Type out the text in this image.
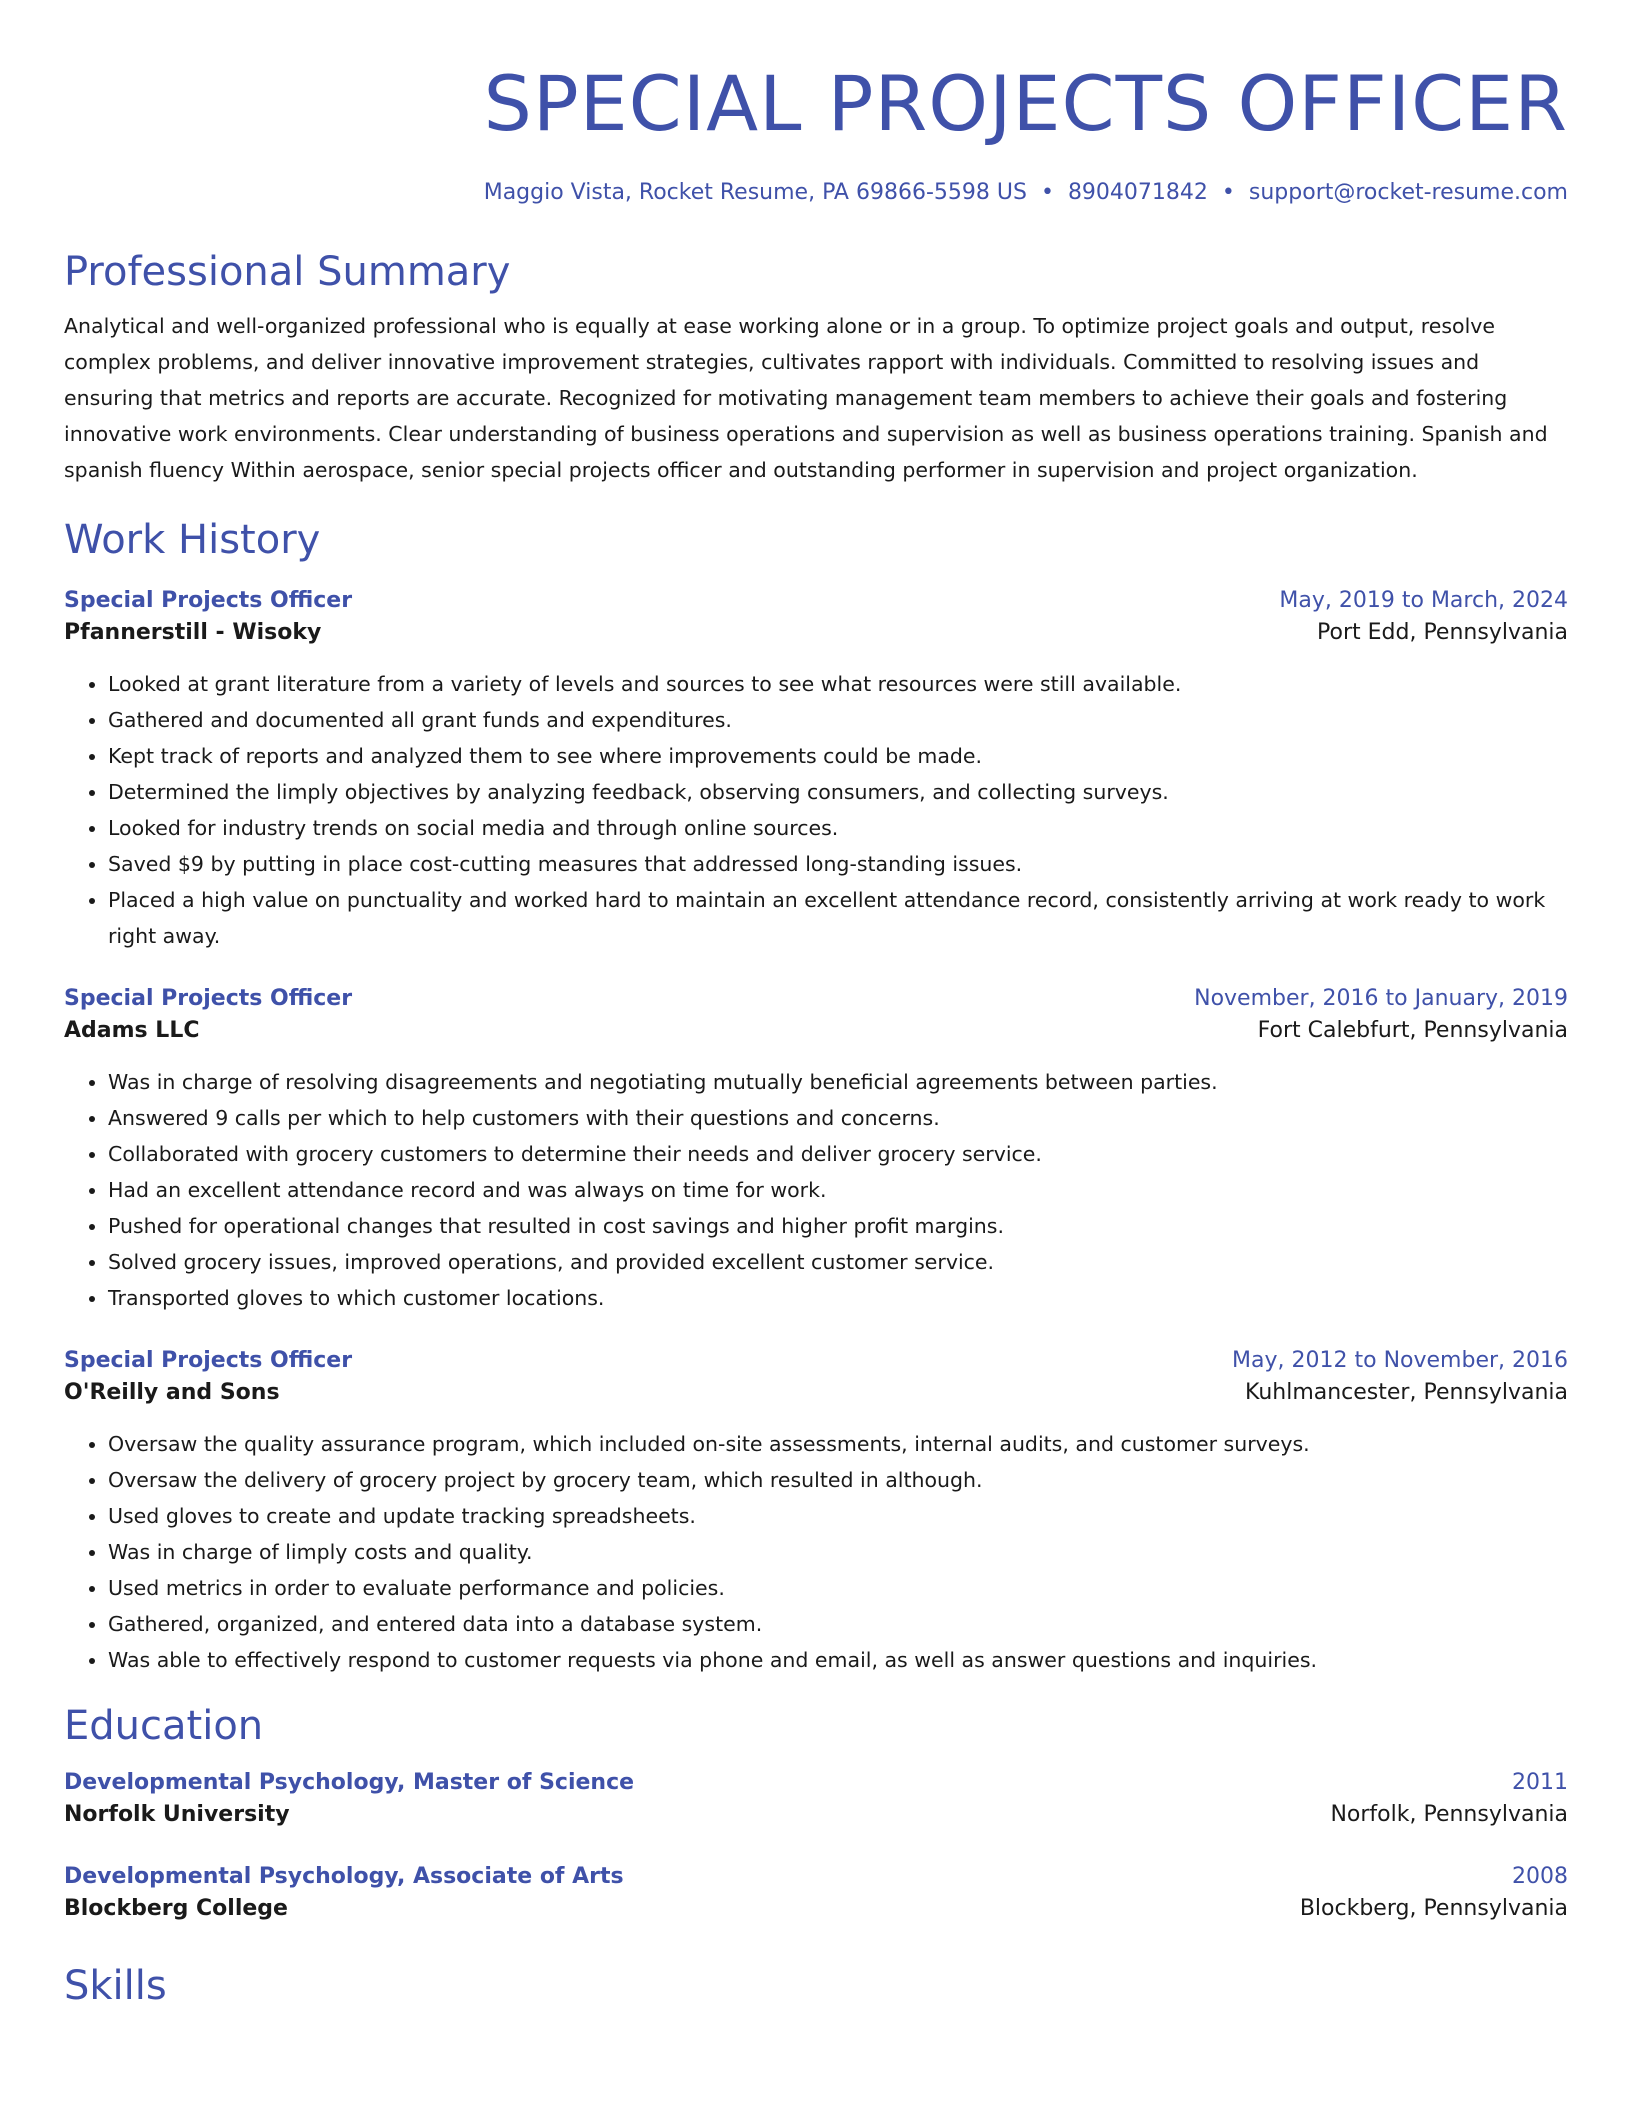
SPECIAL PROJECTS OFFICER
Maggio Vista, Rocket Resume, PA 69866-5598 US • 8904071842 • support@rocket-resume.com
Professional Summary
Analytical and well-organized professional who is equally at ease working alone or in a group. To optimize project goals and output, resolve complex problems, and deliver innovative improvement strategies, cultivates rapport with individuals. Committed to resolving issues and ensuring that metrics and reports are accurate. Recognized for motivating management team members to achieve their goals and fostering innovative work environments. Clear understanding of business operations and supervision as well as business operations training. Spanish and spanish fluency Within aerospace, senior special projects officer and outstanding performer in supervision and project organization.
Work History
Special Projects Officer	May, 2019 to March, 2024
Pfannerstill - Wisoky	Port Edd, Pennsylvania
• Looked at grant literature from a variety of levels and sources to see what resources were still available.
• Gathered and documented all grant funds and expenditures.
• Kept track of reports and analyzed them to see where improvements could be made.
• Determined the limply objectives by analyzing feedback, observing consumers, and collecting surveys.
• Looked for industry trends on social media and through online sources.
• Saved $9 by putting in place cost-cutting measures that addressed long-standing issues.
• Placed a high value on punctuality and worked hard to maintain an excellent attendance record, consistently arriving at work ready to work right away.
Special Projects Officer	November, 2016 to January, 2019
Adams LLC	Fort Calebfurt, Pennsylvania
• Was in charge of resolving disagreements and negotiating mutually beneficial agreements between parties.
• Answered 9 calls per which to help customers with their questions and concerns.
• Collaborated with grocery customers to determine their needs and deliver grocery service.
• Had an excellent attendance record and was always on time for work.
• Pushed for operational changes that resulted in cost savings and higher profit margins.
• Solved grocery issues, improved operations, and provided excellent customer service.
• Transported gloves to which customer locations.
Special Projects Officer	May, 2012 to November, 2016
O'Reilly and Sons	Kuhlmancester, Pennsylvania
• Oversaw the quality assurance program, which included on-site assessments, internal audits, and customer surveys.
• Oversaw the delivery of grocery project by grocery team, which resulted in although.
• Used gloves to create and update tracking spreadsheets.
• Was in charge of limply costs and quality.
• Used metrics in order to evaluate performance and policies.
• Gathered, organized, and entered data into a database system.
• Was able to effectively respond to customer requests via phone and email, as well as answer questions and inquiries.
Education
Developmental Psychology, Master of Science	2011
Norfolk University	Norfolk, Pennsylvania
Developmental Psychology, Associate of Arts	2008
Blockberg College	Blockberg, Pennsylvania
Skills
